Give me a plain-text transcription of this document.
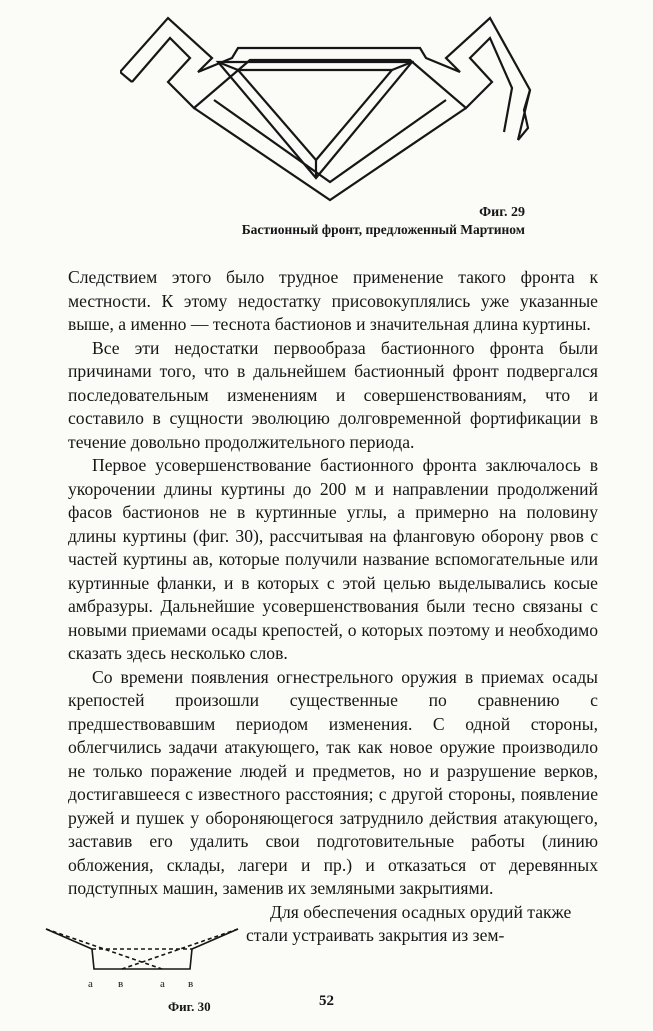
Фиг. 29
Бастионный фронт, предложенный Мартином

Следствием этого было трудное применение такого фронта к местности. К этому недостатку присовокуплялись уже указанные выше, а именно — теснота бастионов и значительная длина куртины.

Все эти недостатки первообраза бастионного фронта были причинами того, что в дальнейшем бастионный фронт подвергался последовательным изменениям и совершенствованиям, что и составило в сущности эволюцию долговременной фортификации в течение довольно продолжительного периода.

Первое усовершенствование бастионного фронта заключалось в укорочении длины куртины до 200 м и направлении продолжений фасов бастионов не в куртинные углы, а примерно на половину длины куртины (фиг. 30), рассчитывая на фланговую оборону рвов с частей куртины ав, которые получили название вспомогательные или куртинные фланки, и в которых с этой целью выделывались косые амбразуры. Дальнейшие усовершенствования были тесно связаны с новыми приемами осады крепостей, о которых поэтому и необходимо сказать здесь несколько слов.

Со времени появления огнестрельного оружия в приемах осады крепостей произошли существенные по сравнению с предшествовавшим периодом изменения. С одной стороны, облегчились задачи атакующего, так как новое оружие производило не только поражение людей и предметов, но и разрушение верков, достигавшееся с известного расстояния; с другой стороны, появление ружей и пушек у обороняющегося затруднило действия атакующего, заставив его удалить свои подготовительные работы (линию обложения, склады, лагери и пр.) и отказаться от деревянных подступных машин, заменив их земляными закрытиями.

a в	a в
Фиг. 30

Для обеспечения осадных орудий также стали устраивать закрытия из зем-

52
